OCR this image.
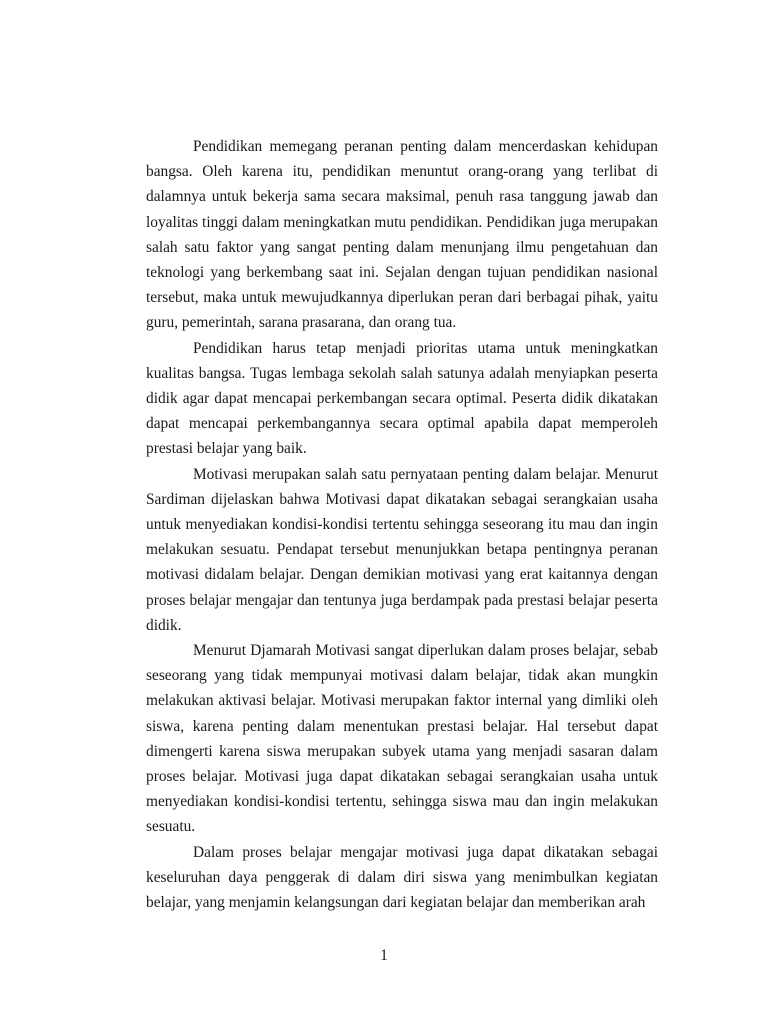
Pendidikan memegang peranan penting dalam mencerdaskan kehidupan bangsa. Oleh karena itu, pendidikan menuntut orang-orang yang terlibat di dalamnya untuk bekerja sama secara maksimal, penuh rasa tanggung jawab dan loyalitas tinggi dalam meningkatkan mutu pendidikan. Pendidikan juga merupakan salah satu faktor yang sangat penting dalam menunjang ilmu pengetahuan dan teknologi yang berkembang saat ini. Sejalan dengan tujuan pendidikan nasional tersebut, maka untuk mewujudkannya diperlukan peran dari berbagai pihak, yaitu guru, pemerintah, sarana prasarana, dan orang tua.

Pendidikan harus tetap menjadi prioritas utama untuk meningkatkan kualitas bangsa. Tugas lembaga sekolah salah satunya adalah menyiapkan peserta didik agar dapat mencapai perkembangan secara optimal. Peserta didik dikatakan dapat mencapai perkembangannya secara optimal apabila dapat memperoleh prestasi belajar yang baik.

Motivasi merupakan salah satu pernyataan penting dalam belajar. Menurut Sardiman dijelaskan bahwa Motivasi dapat dikatakan sebagai serangkaian usaha untuk menyediakan kondisi-kondisi tertentu sehingga seseorang itu mau dan ingin melakukan sesuatu. Pendapat tersebut menunjukkan betapa pentingnya peranan motivasi didalam belajar. Dengan demikian motivasi yang erat kaitannya dengan proses belajar mengajar dan tentunya juga berdampak pada prestasi belajar peserta didik.

Menurut Djamarah Motivasi sangat diperlukan dalam proses belajar, sebab seseorang yang tidak mempunyai motivasi dalam belajar, tidak akan mungkin melakukan aktivasi belajar. Motivasi merupakan faktor internal yang dimliki oleh siswa, karena penting dalam menentukan prestasi belajar. Hal tersebut dapat dimengerti karena siswa merupakan subyek utama yang menjadi sasaran dalam proses belajar. Motivasi juga dapat dikatakan sebagai serangkaian usaha untuk menyediakan kondisi-kondisi tertentu, sehingga siswa mau dan ingin melakukan sesuatu.

Dalam proses belajar mengajar motivasi juga dapat dikatakan sebagai keseluruhan daya penggerak di dalam diri siswa yang menimbulkan kegiatan belajar, yang menjamin kelangsungan dari kegiatan belajar dan memberikan arah

1
